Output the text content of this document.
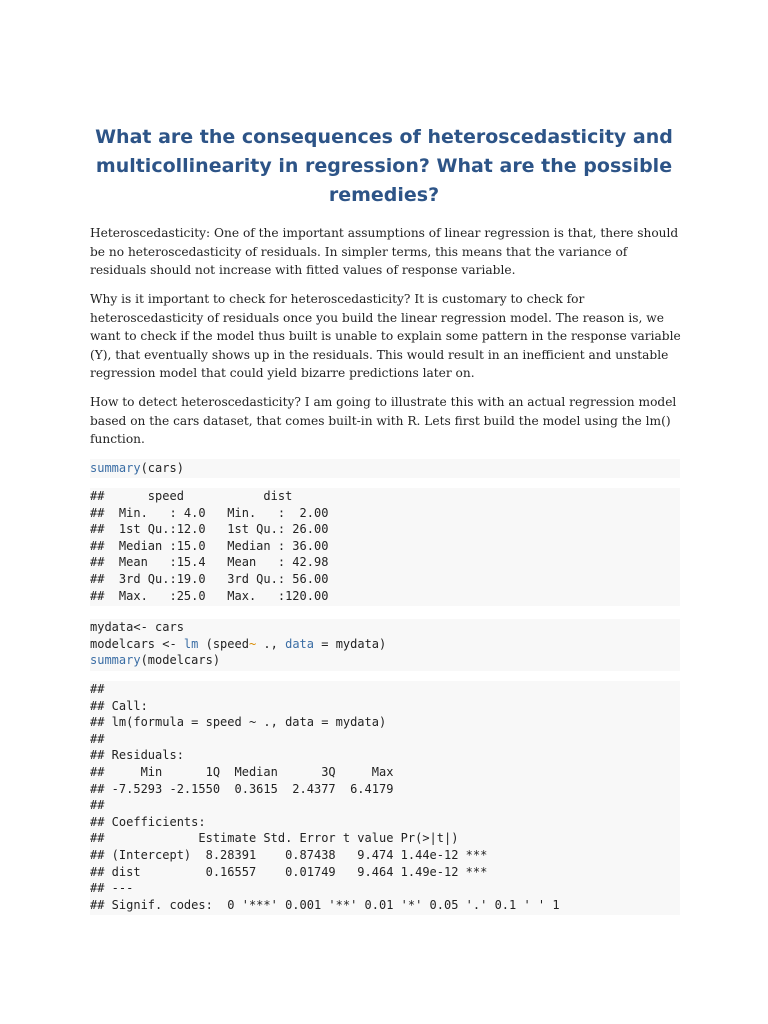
What are the consequences of heteroscedasticity and multicollinearity in regression? What are the possible remedies?

Heteroscedasticity: One of the important assumptions of linear regression is that, there should be no heteroscedasticity of residuals. In simpler terms, this means that the variance of residuals should not increase with fitted values of response variable.

Why is it important to check for heteroscedasticity? It is customary to check for heteroscedasticity of residuals once you build the linear regression model. The reason is, we want to check if the model thus built is unable to explain some pattern in the response variable (Y), that eventually shows up in the residuals. This would result in an inefficient and unstable regression model that could yield bizarre predictions later on.

How to detect heteroscedasticity? I am going to illustrate this with an actual regression model based on the cars dataset, that comes built-in with R. Lets first build the model using the lm() function.

summary(cars)
##      speed           dist
##  Min.   : 4.0   Min.   :  2.00
##  1st Qu.:12.0   1st Qu.: 26.00
##  Median :15.0   Median : 36.00
##  Mean   :15.4   Mean   : 42.98
##  3rd Qu.:19.0   3rd Qu.: 56.00
##  Max.   :25.0   Max.   :120.00
mydata<- cars
modelcars <- lm (speed~ ., data = mydata)
summary(modelcars)
##
## Call:
## lm(formula = speed ~ ., data = mydata)
##
## Residuals:
##     Min      1Q  Median      3Q     Max
## -7.5293 -2.1550  0.3615  2.4377  6.4179
##
## Coefficients:
##             Estimate Std. Error t value Pr(>|t|)
## (Intercept)  8.28391    0.87438   9.474 1.44e-12 ***
## dist         0.16557    0.01749   9.464 1.49e-12 ***
## ---
## Signif. codes:  0 '***' 0.001 '**' 0.01 '*' 0.05 '.' 0.1 ' ' 1
